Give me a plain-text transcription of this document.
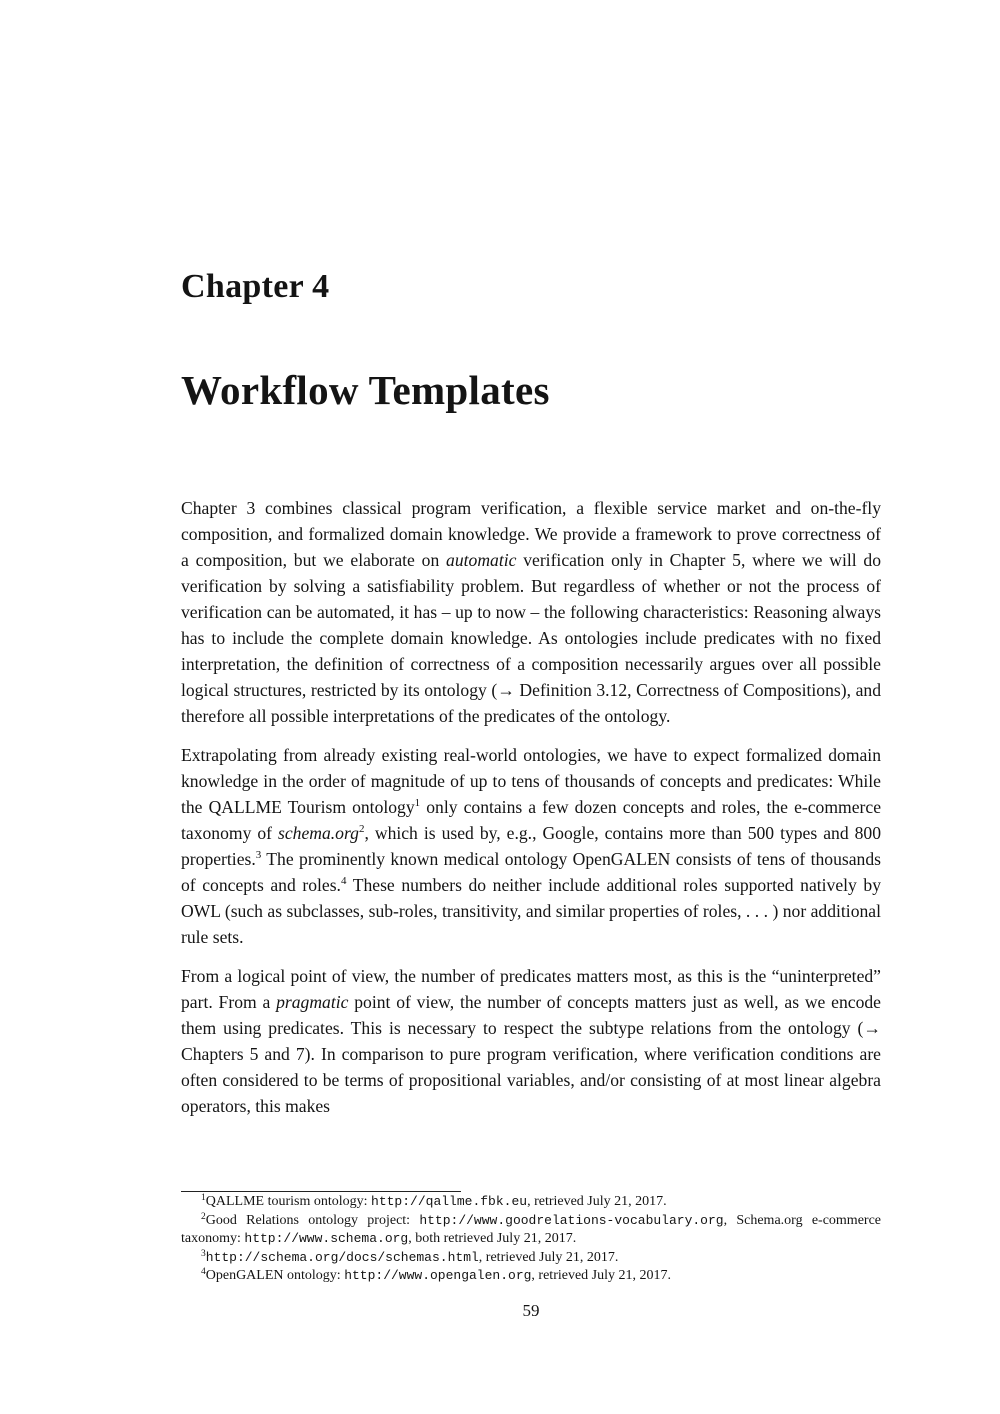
Chapter 4
Workflow Templates

Chapter 3 combines classical program verification, a flexible service market and on-the-fly composition, and formalized domain knowledge. We provide a framework to prove correctness of a composition, but we elaborate on automatic verification only in Chapter 5, where we will do verification by solving a satisfiability problem. But regardless of whether or not the process of verification can be automated, it has – up to now – the following characteristics: Reasoning always has to include the complete domain knowledge. As ontologies include predicates with no fixed interpretation, the definition of correctness of a composition necessarily argues over all possible logical structures, restricted by its ontology (→ Definition 3.12, Correctness of Compositions), and therefore all possible interpretations of the predicates of the ontology.

Extrapolating from already existing real-world ontologies, we have to expect formalized domain knowledge in the order of magnitude of up to tens of thousands of concepts and predicates: While the QALLME Tourism ontology$^1$ only contains a few dozen concepts and roles, the e-commerce taxonomy of schema.org$^2$, which is used by, e.g., Google, contains more than 500 types and 800 properties.$^3$ The prominently known medical ontology OpenGALEN consists of tens of thousands of concepts and roles.$^4$ These numbers do neither include additional roles supported natively by OWL (such as subclasses, sub-roles, transitivity, and similar properties of roles, . . . ) nor additional rule sets.

From a logical point of view, the number of predicates matters most, as this is the “uninterpreted” part. From a pragmatic point of view, the number of concepts matters just as well, as we encode them using predicates. This is necessary to respect the subtype relations from the ontology (→ Chapters 5 and 7). In comparison to pure program verification, where verification conditions are often considered to be terms of propositional variables, and/or consisting of at most linear algebra operators, this makes

$^1$QALLME tourism ontology: http://qallme.fbk.eu, retrieved July 21, 2017.

$^2$Good Relations ontology project: http://www.goodrelations-vocabulary.org, Schema.org e-commerce taxonomy: http://www.schema.org, both retrieved July 21, 2017.

$^3$http://schema.org/docs/schemas.html, retrieved July 21, 2017.

$^4$OpenGALEN ontology: http://www.opengalen.org, retrieved July 21, 2017.

59
